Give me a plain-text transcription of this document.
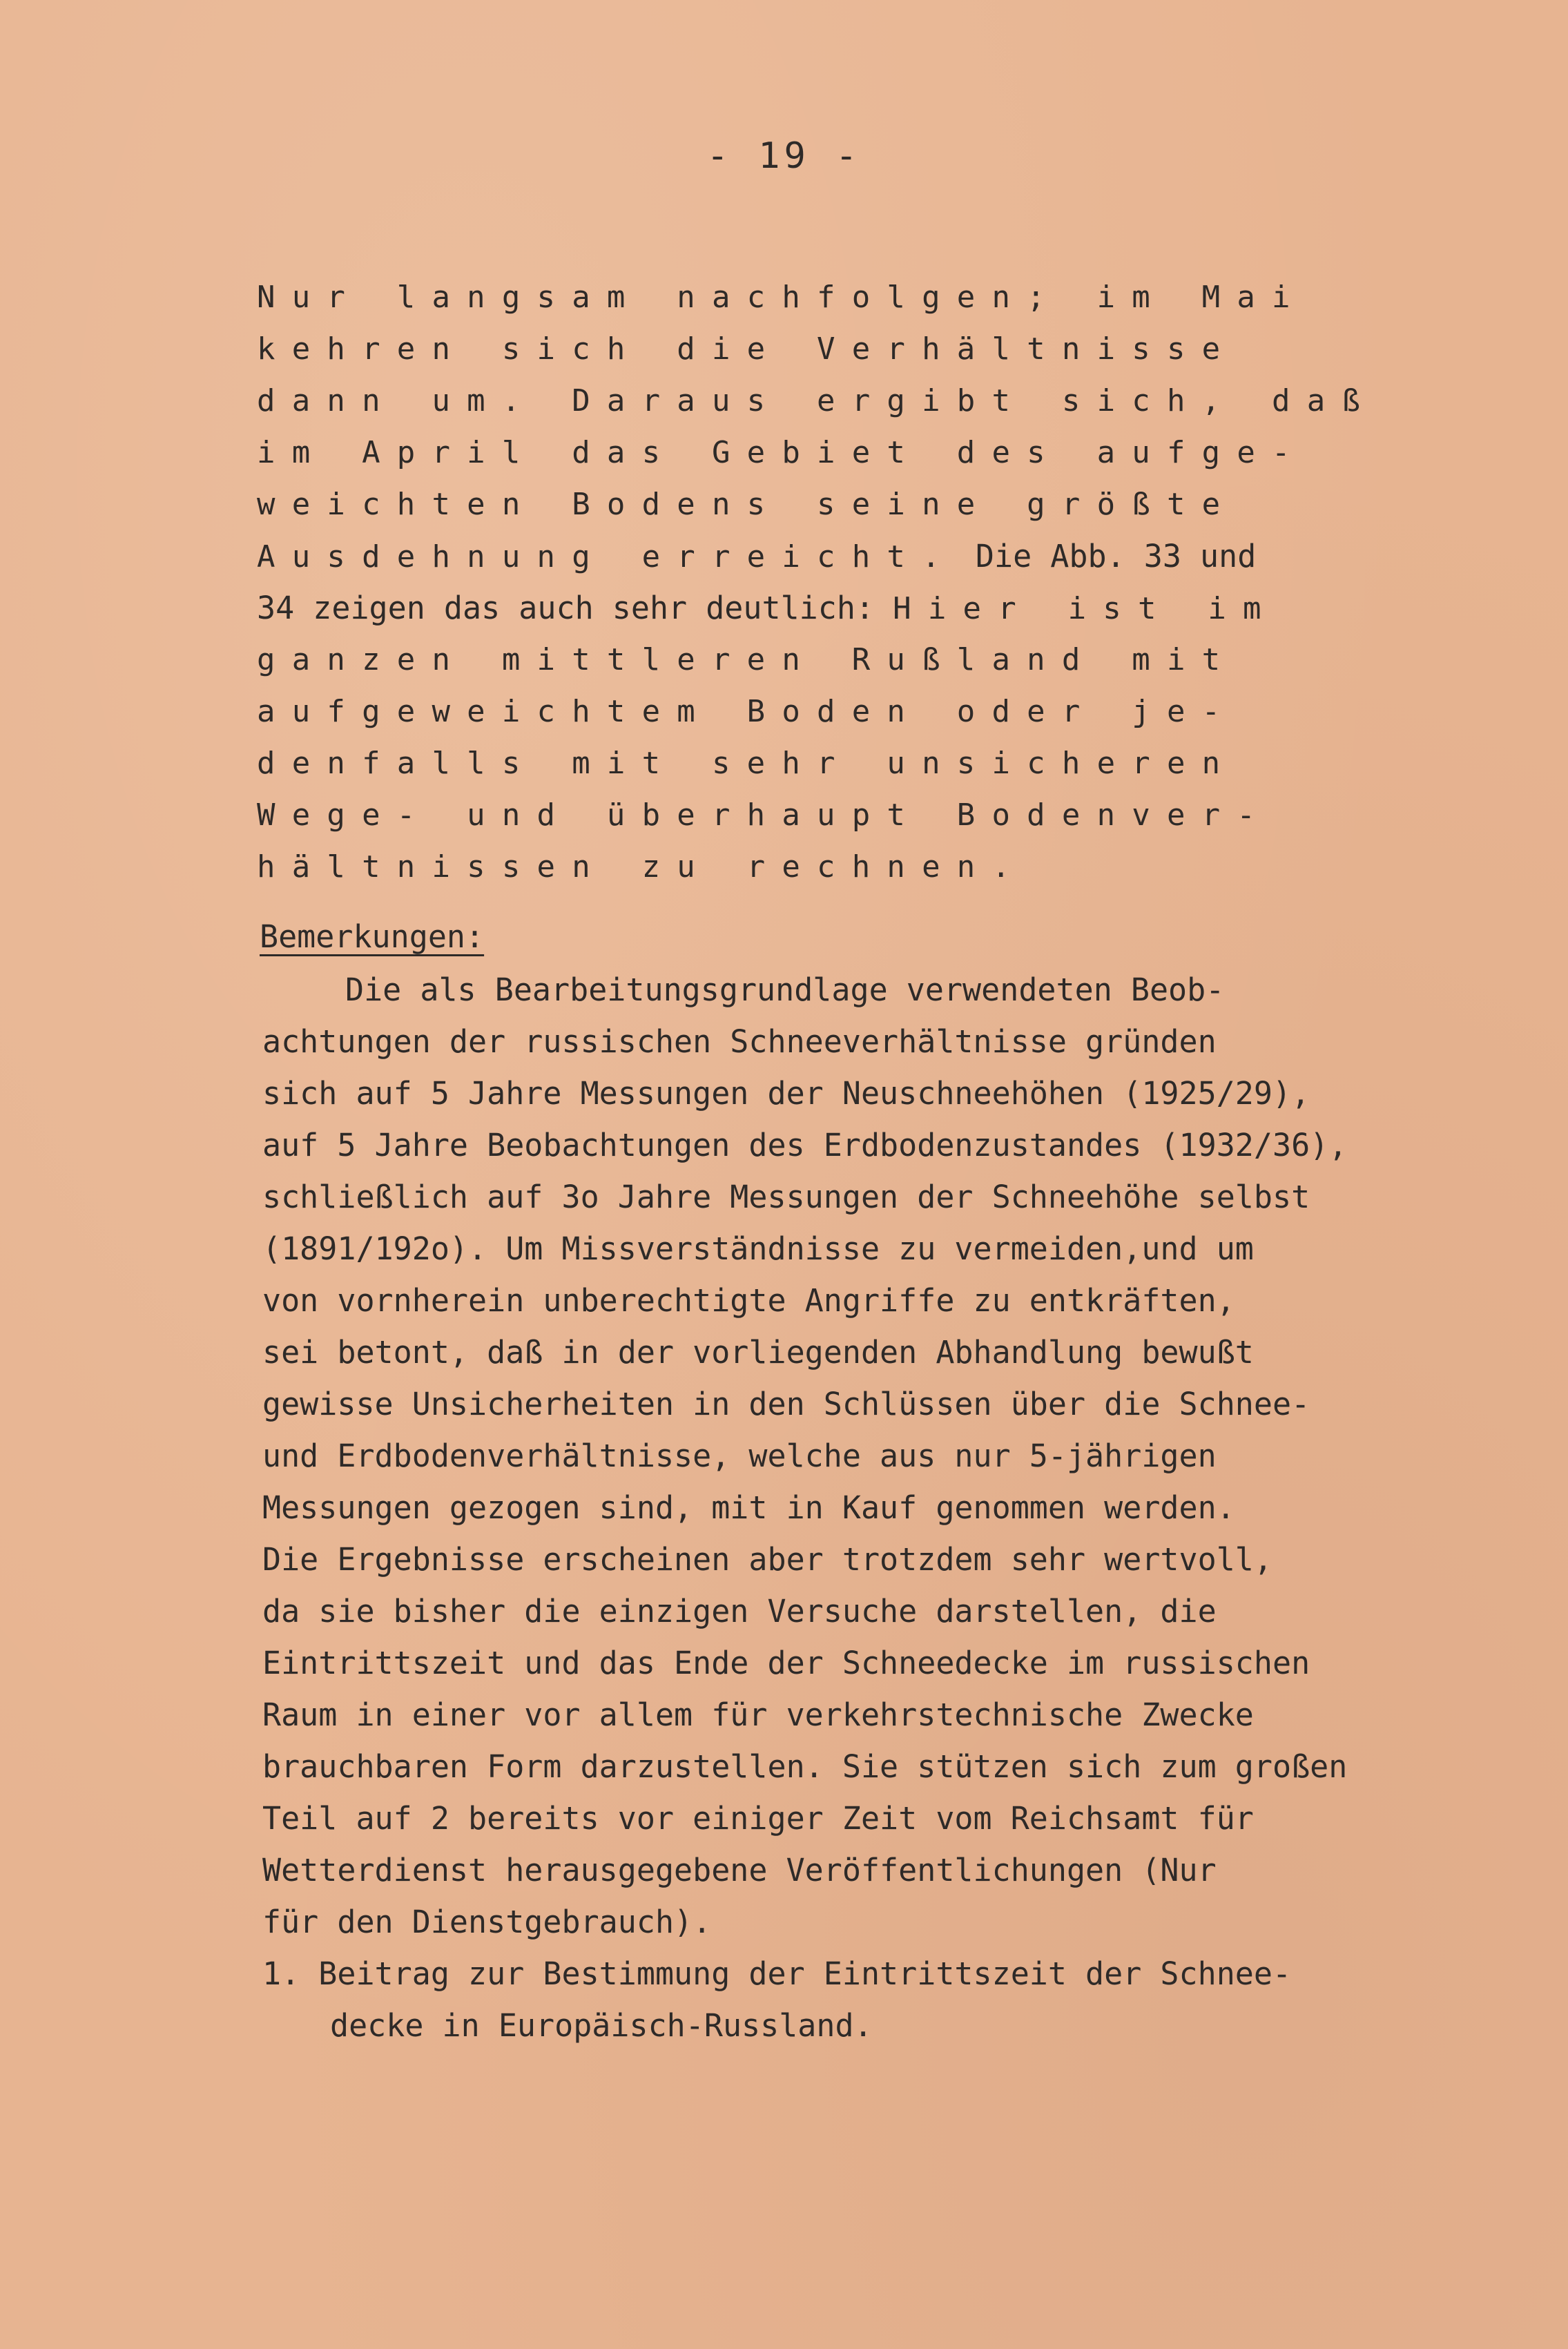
- 19 -
Nur langsam nachfolgen; im Mai
kehren sich die Verhältnisse
dann um. Daraus ergibt sich, daß
im April das Gebiet des aufge-
weichten Bodens seine größte
Ausdehnung erreicht. Die Abb. 33 und
34 zeigen das auch sehr deutlich: Hier ist im
ganzen mittleren Rußland mit
aufgeweichtem Boden oder je-
denfalls mit sehr unsicheren
Wege- und überhaupt Bodenver-
hältnissen zu rechnen.
Bemerkungen:
Die als Bearbeitungsgrundlage verwendeten Beob-
achtungen der russischen Schneeverhältnisse gründen
sich auf 5 Jahre Messungen der Neuschneehöhen (1925/29),
auf 5 Jahre Beobachtungen des Erdbodenzustandes (1932/36),
schließlich auf 3o Jahre Messungen der Schneehöhe selbst
(1891/192o). Um Missverständnisse zu vermeiden,und um
von vornherein unberechtigte Angriffe zu entkräften,
sei betont, daß in der vorliegenden Abhandlung bewußt
gewisse Unsicherheiten in den Schlüssen über die Schnee-
und Erdbodenverhältnisse, welche aus nur 5-jährigen
Messungen gezogen sind, mit in Kauf genommen werden.
Die Ergebnisse erscheinen aber trotzdem sehr wertvoll,
da sie bisher die einzigen Versuche darstellen, die
Eintrittszeit und das Ende der Schneedecke im russischen
Raum in einer vor allem für verkehrstechnische Zwecke
brauchbaren Form darzustellen. Sie stützen sich zum großen
Teil auf 2 bereits vor einiger Zeit vom Reichsamt für
Wetterdienst herausgegebene Veröffentlichungen (Nur
für den Dienstgebrauch).
1. Beitrag zur Bestimmung der Eintrittszeit der Schnee-
decke in Europäisch-Russland.
